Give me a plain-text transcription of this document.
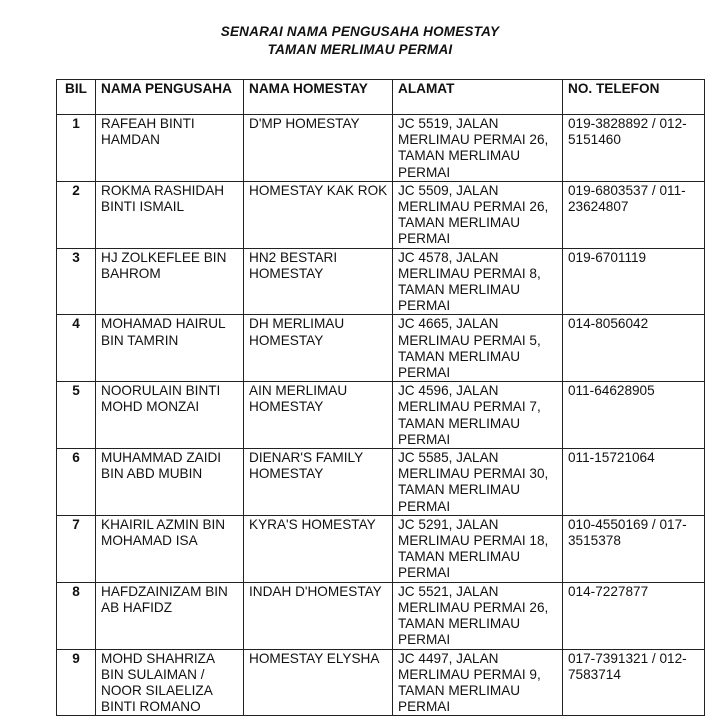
SENARAI NAMA PENGUSAHA HOMESTAY
TAMAN MERLIMAU PERMAI
BIL	NAMA PENGUSAHA	NAMA HOMESTAY	ALAMAT	NO. TELEFON
1	RAFEAH BINTI HAMDAN	D'MP HOMESTAY	JC 5519, JALAN MERLIMAU PERMAI 26, TAMAN MERLIMAU PERMAI	019-3828892 / 012-5151460
2	ROKMA RASHIDAH BINTI ISMAIL	HOMESTAY KAK ROK	JC 5509, JALAN MERLIMAU PERMAI 26, TAMAN MERLIMAU PERMAI	019-6803537 / 011-23624807
3	HJ ZOLKEFLEE BIN BAHROM	HN2 BESTARI HOMESTAY	JC 4578, JALAN MERLIMAU PERMAI 8, TAMAN MERLIMAU PERMAI	019-6701119
4	MOHAMAD HAIRUL BIN TAMRIN	DH MERLIMAU HOMESTAY	JC 4665, JALAN MERLIMAU PERMAI 5, TAMAN MERLIMAU PERMAI	014-8056042
5	NOORULAIN BINTI MOHD MONZAI	AIN MERLIMAU HOMESTAY	JC 4596, JALAN MERLIMAU PERMAI 7, TAMAN MERLIMAU PERMAI	011-64628905
6	MUHAMMAD ZAIDI BIN ABD MUBIN	DIENAR'S FAMILY HOMESTAY	JC 5585, JALAN MERLIMAU PERMAI 30, TAMAN MERLIMAU PERMAI	011-15721064
7	KHAIRIL AZMIN BIN MOHAMAD ISA	KYRA'S HOMESTAY	JC 5291, JALAN MERLIMAU PERMAI 18, TAMAN MERLIMAU PERMAI	010-4550169 / 017-3515378
8	HAFDZAINIZAM BIN AB HAFIDZ	INDAH D'HOMESTAY	JC 5521, JALAN MERLIMAU PERMAI 26, TAMAN MERLIMAU PERMAI	014-7227877
9	MOHD SHAHRIZA BIN SULAIMAN / NOOR SILAELIZA BINTI ROMANO	HOMESTAY ELYSHA	JC 4497, JALAN MERLIMAU PERMAI 9, TAMAN MERLIMAU PERMAI	017-7391321 / 012-7583714
